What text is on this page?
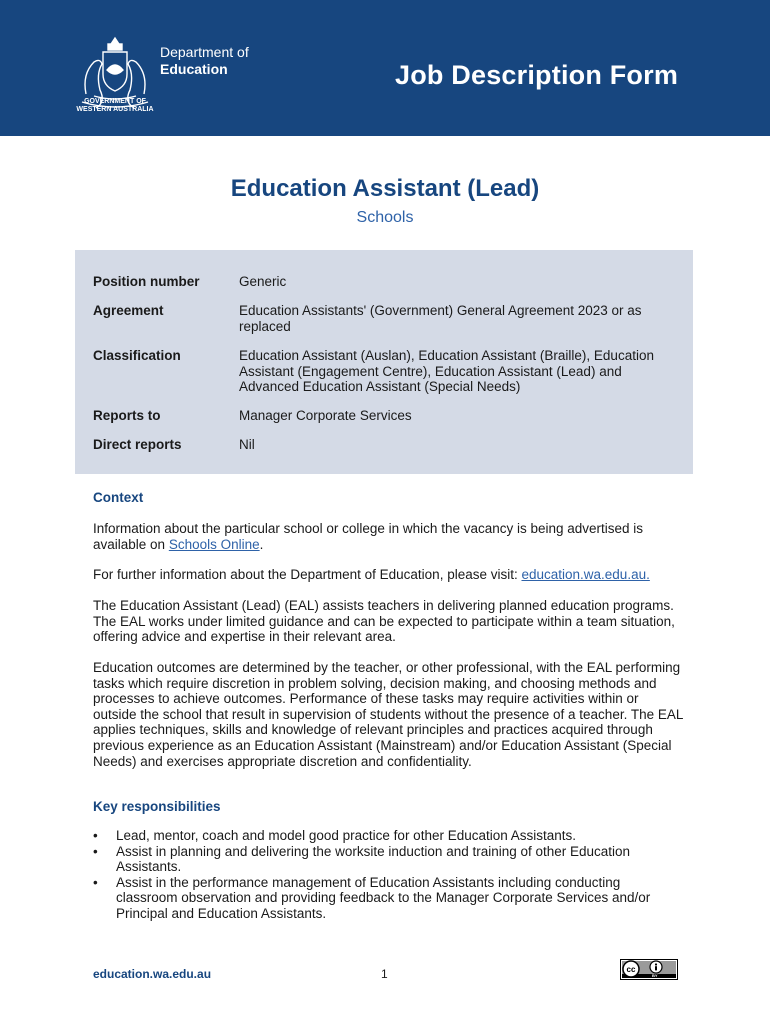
Department of
Education
GOVERNMENT OF
WESTERN AUSTRALIA
Job Description Form
Education Assistant (Lead)
Schools
Position number	Generic
Agreement	Education Assistants' (Government) General Agreement 2023 or as replaced
Classification	Education Assistant (Auslan), Education Assistant (Braille), Education Assistant (Engagement Centre), Education Assistant (Lead) and Advanced Education Assistant (Special Needs)
Reports to	Manager Corporate Services
Direct reports	Nil
Context
Information about the particular school or college in which the vacancy is being advertised is available on Schools Online.
For further information about the Department of Education, please visit: education.wa.edu.au.
The Education Assistant (Lead) (EAL) assists teachers in delivering planned education programs. The EAL works under limited guidance and can be expected to participate within a team situation, offering advice and expertise in their relevant area.
Education outcomes are determined by the teacher, or other professional, with the EAL performing tasks which require discretion in problem solving, decision making, and choosing methods and processes to achieve outcomes. Performance of these tasks may require activities within or outside the school that result in supervision of students without the presence of a teacher. The EAL applies techniques, skills and knowledge of relevant principles and practices acquired through previous experience as an Education Assistant (Mainstream) and/or Education Assistant (Special Needs) and exercises appropriate discretion and confidentiality.
Key responsibilities
• Lead, mentor, coach and model good practice for other Education Assistants.
• Assist in planning and delivering the worksite induction and training of other Education Assistants.
• Assist in the performance management of Education Assistants including conducting classroom observation and providing feedback to the Manager Corporate Services and/or Principal and Education Assistants.
education.wa.edu.au	1	cc
BY
